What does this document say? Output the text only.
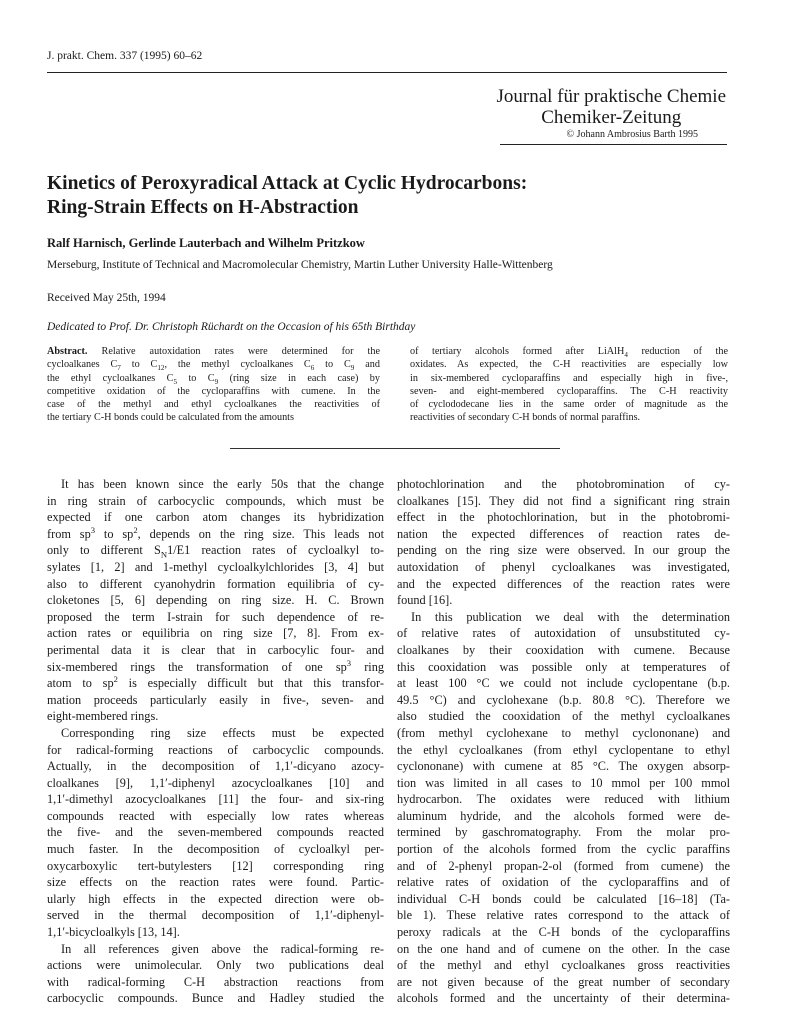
J. prakt. Chem. 337 (1995) 60–62
Journal für praktische Chemie
Chemiker-Zeitung
© Johann Ambrosius Barth 1995
Kinetics of Peroxyradical Attack at Cyclic Hydrocarbons:
Ring-Strain Effects on H-Abstraction
Ralf Harnisch, Gerlinde Lauterbach and Wilhelm Pritzkow
Merseburg, Institute of Technical and Macromolecular Chemistry, Martin Luther University Halle-Wittenberg
Received May 25th, 1994
Dedicated to Prof. Dr. Christoph Rüchardt on the Occasion of his 65th Birthday
Abstract. Relative autoxidation rates were determined for the
cycloalkanes $C_7$ to $C_{12}$, the methyl cycloalkanes $C_6$ to $C_9$ and
the ethyl cycloalkanes $C_5$ to $C_9$ (ring size in each case) by
competitive oxidation of the cycloparaffins with cumene. In the
case of the methyl and ethyl cycloalkanes the reactivities of
the tertiary C-H bonds could be calculated from the amounts
of tertiary alcohols formed after LiAlH$_4$ reduction of the
oxidates. As expected, the C-H reactivities are especially low
in six-membered cycloparaffins and especially high in five-,
seven- and eight-membered cycloparaffins. The C-H reactivity
of cyclododecane lies in the same order of magnitude as the
reactivities of secondary C-H bonds of normal paraffins.
It has been known since the early 50s that the change
in ring strain of carbocyclic compounds, which must be
expected if one carbon atom changes its hybridization
from $sp^3$ to $sp^2$, depends on the ring size. This leads not
only to different $S_N1/E1$ reaction rates of cycloalkyl to-
sylates [1, 2] and 1-methyl cycloalkylchlorides [3, 4] but
also to different cyanohydrin formation equilibria of cy-
cloketones [5, 6] depending on ring size. H. C. Brown
proposed the term I-strain for such dependence of re-
action rates or equilibria on ring size [7, 8]. From ex-
perimental data it is clear that in carbocylic four- and
six-membered rings the transformation of one $sp^3$ ring
atom to $sp^2$ is especially difficult but that this transfor-
mation proceeds particularly easily in five-, seven- and
eight-membered rings.
Corresponding ring size effects must be expected
for radical-forming reactions of carbocyclic compounds.
Actually, in the decomposition of 1,1′-dicyano azocy-
cloalkanes [9], 1,1′-diphenyl azocycloalkanes [10] and
1,1′-dimethyl azocycloalkanes [11] the four- and six-ring
compounds reacted with especially low rates whereas
the five- and the seven-membered compounds reacted
much faster. In the decomposition of cycloalkyl per-
oxycarboxylic tert-butylesters [12] corresponding ring
size effects on the reaction rates were found. Partic-
ularly high effects in the expected direction were ob-
served in the thermal decomposition of 1,1′-diphenyl-
1,1′-bicycloalkyls [13, 14].
In all references given above the radical-forming re-
actions were unimolecular. Only two publications deal
with radical-forming C-H abstraction reactions from
carbocyclic compounds. Bunce and Hadley studied the
photochlorination and the photobromination of cy-
cloalkanes [15]. They did not find a significant ring strain
effect in the photochlorination, but in the photobromi-
nation the expected differences of reaction rates de-
pending on the ring size were observed. In our group the
autoxidation of phenyl cycloalkanes was investigated,
and the expected differences of the reaction rates were
found [16].
In this publication we deal with the determination
of relative rates of autoxidation of unsubstituted cy-
cloalkanes by their cooxidation with cumene. Because
this cooxidation was possible only at temperatures of
at least 100 °C we could not include cyclopentane (b.p.
49.5 °C) and cyclohexane (b.p. 80.8 °C). Therefore we
also studied the cooxidation of the methyl cycloalkanes
(from methyl cyclohexane to methyl cyclononane) and
the ethyl cycloalkanes (from ethyl cyclopentane to ethyl
cyclononane) with cumene at 85 °C. The oxygen absorp-
tion was limited in all cases to 10 mmol per 100 mmol
hydrocarbon. The oxidates were reduced with lithium
aluminum hydride, and the alcohols formed were de-
termined by gaschromatography. From the molar pro-
portion of the alcohols formed from the cyclic paraffins
and of 2-phenyl propan-2-ol (formed from cumene) the
relative rates of oxidation of the cycloparaffins and of
individual C-H bonds could be calculated [16–18] (Ta-
ble 1). These relative rates correspond to the attack of
peroxy radicals at the C-H bonds of the cycloparaffins
on the one hand and of cumene on the other. In the case
of the methyl and ethyl cycloalkanes gross reactivities
are not given because of the great number of secondary
alcohols formed and the uncertainty of their determina-
